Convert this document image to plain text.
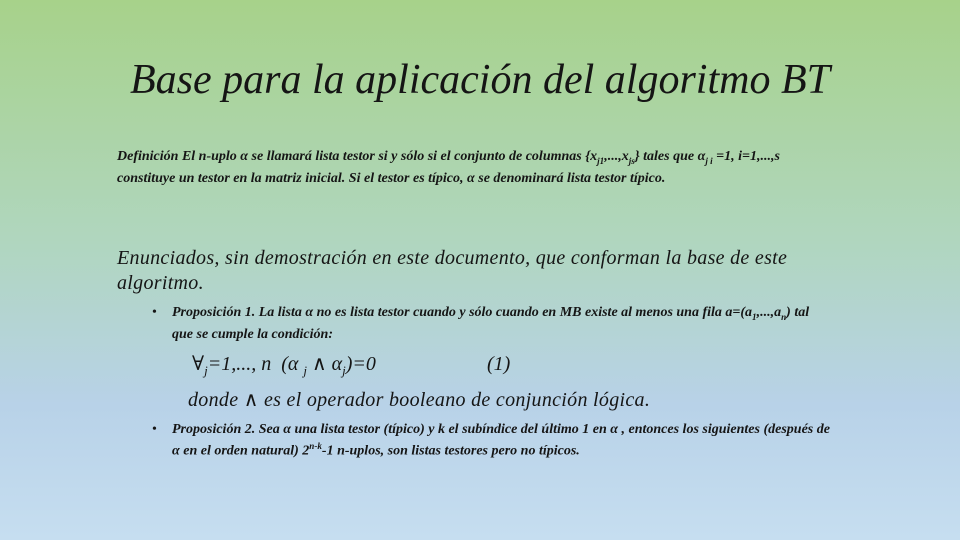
Base para la aplicación del algoritmo BT
Definición El n-uplo α se llamará lista testor si y sólo si el conjunto de columnas $\{x_{j1},...,x_{js}\}$ tales que $\alpha_{j i} =1$, i=1,...,s constituye un testor en la matriz inicial. Si el testor es típico, α se denominará lista testor típico.
Enunciados, sin demostración en este documento, que conforman la base de este algoritmo.
•	Proposición 1. La lista α no es lista testor cuando y sólo cuando en MB existe al menos una fila $a=(a_1,...,a_n)$ tal que se cumple la condición:
$\forall_j=1$,..., n  (α $_j$ ∧ $\alpha_j)=0$	(1)
donde ∧ es el operador booleano de conjunción lógica.
•	Proposición 2. Sea α una lista testor (típico) y k el subíndice del último 1 en α , entonces los siguientes (después de α en el orden natural) 2$^{n-k}$-1 n-uplos, son listas testores pero no típicos.
